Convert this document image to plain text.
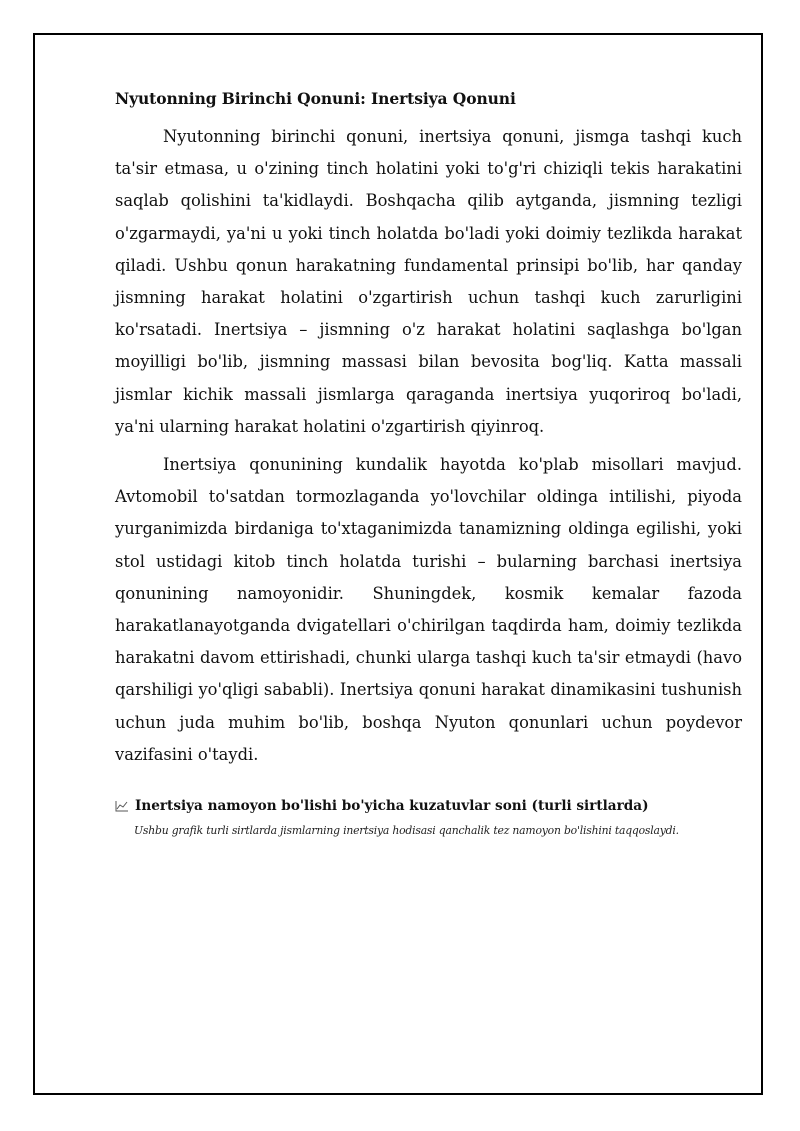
Nyutonning Birinchi Qonuni: Inertsiya Qonuni

Nyutonning birinchi qonuni, inertsiya qonuni, jismga tashqi kuch ta'sir etmasa, u o'zining tinch holatini yoki to'g'ri chiziqli tekis harakatini saqlab qolishini ta'kidlaydi. Boshqacha qilib aytganda, jismning tezligi o'zgarmaydi, ya'ni u yoki tinch holatda bo'ladi yoki doimiy tezlikda harakat qiladi. Ushbu qonun harakatning fundamental prinsipi bo'lib, har qanday jismning harakat holatini o'zgartirish uchun tashqi kuch zarurligini ko'rsatadi. Inertsiya – jismning o'z harakat holatini saqlashga bo'lgan moyilligi bo'lib, jismning massasi bilan bevosita bog'liq. Katta massali jismlar kichik massali jismlarga qaraganda inertsiya yuqoriroq bo'ladi, ya'ni ularning harakat holatini o'zgartirish qiyinroq.

Inertsiya qonunining kundalik hayotda ko'plab misollari mavjud. Avtomobil to'satdan tormozlaganda yo'lovchilar oldinga intilishi, piyoda yurganimizda birdaniga to'xtaganimizda tanamizning oldinga egilishi, yoki stol ustidagi kitob tinch holatda turishi – bularning barchasi inertsiya qonunining namoyonidir. Shuningdek, kosmik kemalar fazoda harakatlanayotganda dvigatellari o'chirilgan taqdirda ham, doimiy tezlikda harakatni davom ettirishadi, chunki ularga tashqi kuch ta'sir etmaydi (havo qarshiligi yo'qligi sababli). Inertsiya qonuni harakat dinamikasini tushunish uchun juda muhim bo'lib, boshqa Nyuton qonunlari uchun poydevor vazifasini o'taydi.

Inertsiya namoyon bo'lishi bo'yicha kuzatuvlar soni (turli sirtlarda)
Ushbu grafik turli sirtlarda jismlarning inertsiya hodisasi qanchalik tez namoyon bo'lishini taqqoslaydi.
